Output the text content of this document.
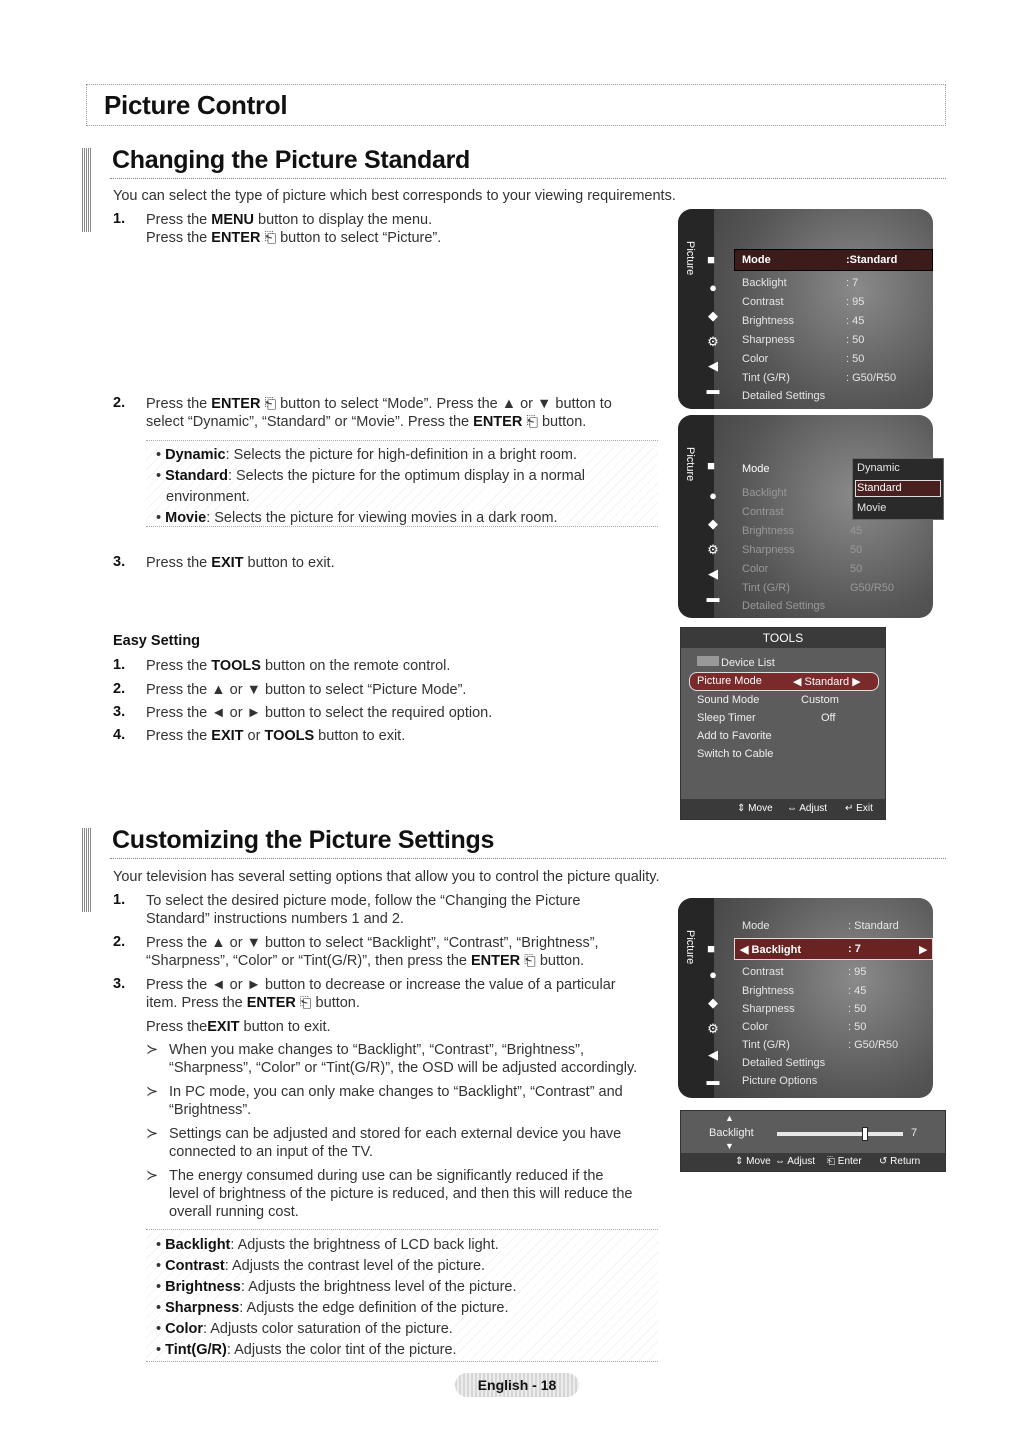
Picture Control
Changing the Picture Standard
You can select the type of picture which best corresponds to your viewing requirements.
1. Press the MENU button to display the menu.
Press the ENTER ⎗ button to select “Picture”.
2. Press the ENTER ⎗ button to select “Mode”. Press the ▲ or ▼ button to
select “Dynamic”, “Standard” or “Movie”. Press the ENTER ⎗ button.
• Dynamic: Selects the picture for high-definition in a bright room.
• Standard: Selects the picture for the optimum display in a normal
environment.
• Movie: Selects the picture for viewing movies in a dark room.
3. Press the EXIT button to exit.
Easy Setting
1. Press the TOOLS button on the remote control.
2. Press the ▲ or ▼ button to select “Picture Mode”.
3. Press the ◄ or ► button to select the required option.
4. Press the EXIT or TOOLS button to exit.
Picture ■
●
◆
⚙
◀
▬
Mode	:Standard
Backlight	: 7
Contrast	: 95
Brightness	: 45
Sharpness	: 50
Color	: 50
Tint (G/R)	: G50/R50
Detailed Settings
Picture ■
●
◆
⚙
◀
▬
Mode
Backlight
Contrast
Brightness	45
Sharpness	50
Color	50
Tint (G/R)	G50/R50
Detailed Settings
Dynamic
Standard
Movie
TOOLS
Device List
Picture Mode	◀ Standard ▶
Sound Mode	Custom
Sleep Timer	Off
Add to Favorite
Switch to Cable
⇕ Move ⇔ Adjust ↵ Exit
Customizing the Picture Settings
Your television has several setting options that allow you to control the picture quality.
1. To select the desired picture mode, follow the “Changing the Picture
Standard” instructions numbers 1 and 2.
2. Press the ▲ or ▼ button to select “Backlight”, “Contrast”, “Brightness”,
“Sharpness”, “Color” or “Tint(G/R)”, then press the ENTER ⎗ button.
3. Press the ◄ or ► button to decrease or increase the value of a particular
item. Press the ENTER ⎗ button.
Press theEXIT button to exit.
≻ When you make changes to “Backlight”, “Contrast”, “Brightness”,
“Sharpness”, “Color” or “Tint(G/R)”, the OSD will be adjusted accordingly.
≻ In PC mode, you can only make changes to “Backlight”, “Contrast” and
“Brightness”.
≻ Settings can be adjusted and stored for each external device you have
connected to an input of the TV.
≻ The energy consumed during use can be significantly reduced if the
level of brightness of the picture is reduced, and then this will reduce the
overall running cost.
• Backlight: Adjusts the brightness of LCD back light.
• Contrast: Adjusts the contrast level of the picture.
• Brightness: Adjusts the brightness level of the picture.
• Sharpness: Adjusts the edge definition of the picture.
• Color: Adjusts color saturation of the picture.
• Tint(G/R): Adjusts the color tint of the picture.
Picture ■
●
◆
⚙
◀
▬
Mode	: Standard
◀ Backlight	: 7	▶
Contrast	: 95
Brightness	: 45
Sharpness	: 50
Color	: 50
Tint (G/R)	: G50/R50
Detailed Settings
Picture Options
▲
Backlight	7
▼
⇕ Move ⇔ Adjust ⎗ Enter ↺ Return
English - 18
